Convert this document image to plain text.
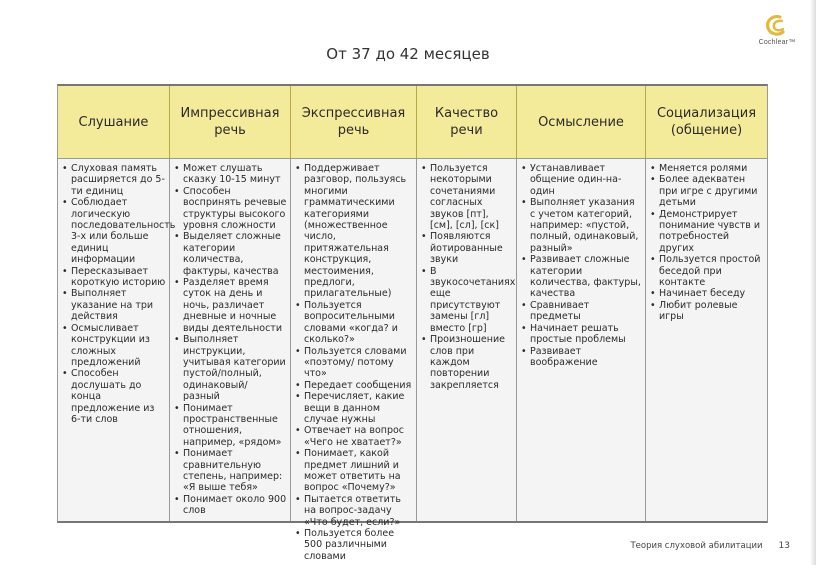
Cochlear™
От 37 до 42 месяцев
Слушание
Импрессивная речь
Экспрессивная речь
Качество речи
Осмысление
Социализация (общение)
• Слуховая память расширяется до 5-ти единиц
• Соблюдает логическую последовательность 3-х или больше единиц информации
• Пересказывает короткую историю
• Выполняет указание на три действия
• Осмысливает конструкции из сложных предложений
• Способен дослушать до конца предложение из 6-ти слов
• Может слушать сказку 10-15 минут
• Способен воспринять речевые структуры высокого уровня сложности
• Выделяет сложные категории количества, фактуры, качества
• Разделяет время суток на день и ночь, различает дневные и ночные виды деятельности
• Выполняет инструкции, учитывая категории пустой/полный, одинаковый/ разный
• Понимает пространственные отношения, например, «рядом»
• Понимает сравнительную степень, например: «Я выше тебя»
• Понимает около 900 слов
• Поддерживает разговор, пользуясь многими грамматическими категориями (множественное число, притяжательная конструкция, местоимения, предлоги, прилагательные)
• Пользуется вопросительными словами «когда? и сколько?»
• Пользуется словами «поэтому/ потому что»
• Передает сообщения
• Перечисляет, какие вещи в данном случае нужны
• Отвечает на вопрос «Чего не хватает?»
• Понимает, какой предмет лишний и может ответить на вопрос «Почему?»
• Пытается ответить на вопрос-задачу «Что будет, если?»
• Пользуется более 500 различными словами
• Пользуется некоторыми сочетаниями согласных звуков [пт], [см], [сл], [ск]
• Появляются йотированные звуки
• В звукосочетаниях еще присутствуют замены [гл] вместо [гр]
• Произношение слов при каждом повторении закрепляется
• Устанавливает общение один-на-один
• Выполняет указания с учетом категорий, например: «пустой, полный, одинаковый, разный»
• Развивает сложные категории количества, фактуры, качества
• Сравнивает предметы
• Начинает решать простые проблемы
• Развивает воображение
• Меняется ролями
• Более адекватен при игре с другими детьми
• Демонстрирует понимание чувств и потребностей других
• Пользуется простой беседой при контакте
• Начинает беседу
• Любит ролевые игры
Теория слуховой абилитации 13
